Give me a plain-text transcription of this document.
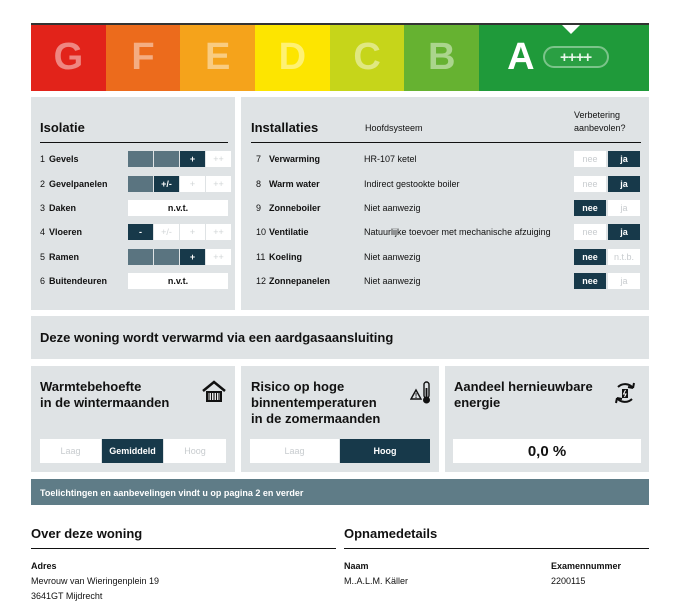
G F E D C B A ++++
Isolatie
1 Gevels	+	++
2 Gevelpanelen	+/-	+	++
3 Daken	n.v.t.
4 Vloeren	-	+/-	+	++
5 Ramen	+	++
6 Buitendeuren	n.v.t.
Installaties	Hoofdsysteem
Verbetering
aanbevolen?
7 Verwarming	HR-107 ketel	nee	ja
8 Warm water	Indirect gestookte boiler	nee	ja
9 Zonneboiler	Niet aanwezig	nee	ja
10 Ventilatie	Natuurlijke toevoer met mechanische afzuiging	nee	ja
11 Koeling	Niet aanwezig	nee	n.t.b.
12 Zonnepanelen	Niet aanwezig	nee	ja
Deze woning wordt verwarmd via een aardgasaansluiting
Warmtebehoefte
in de wintermaanden
Laag	Gemiddeld	Hoog
Risico op hoge
binnentemperaturen
in de zomermaanden
!
Laag	Hoog
Aandeel hernieuwbare
energie
0,0 %
Toelichtingen en aanbevelingen vindt u op pagina 2 en verder
Over deze woning
Adres
Mevrouw van Wieringenplein 19
3641GT Mijdrecht
Opnamedetails
Naam
M..A.L.M. Käller
Examennummer
2200115
